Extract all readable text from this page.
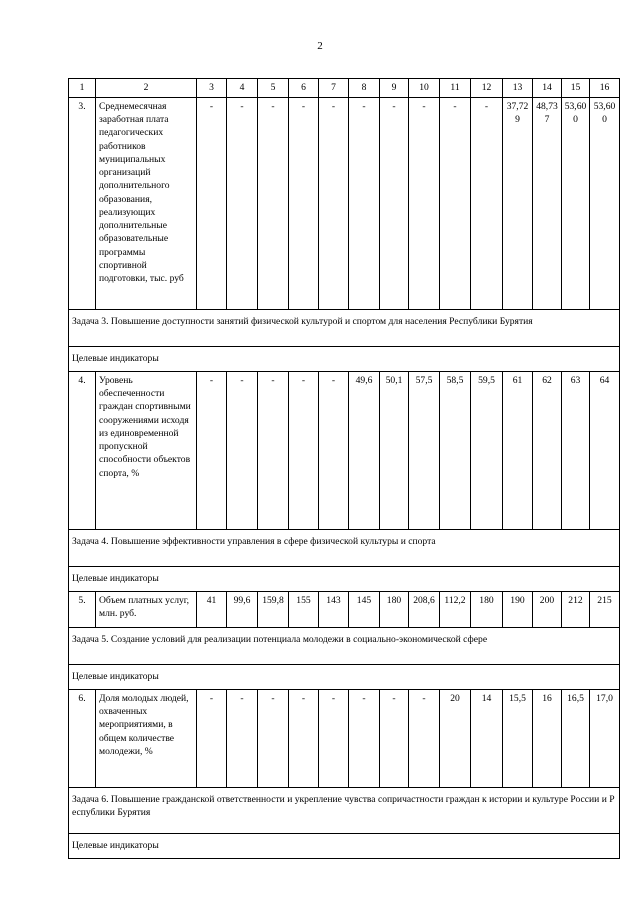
2
1	2	3	4	5	6	7	8	9	10	11	12	13	14	15	16
3.	Среднемесячная заработная плата педагогических работников муниципальных организаций дополнительного образования, реализующих дополнительные образовательные программы спортивной подготовки, тыс. руб	-	-	-	-	-	-	-	-	-	-	37,729	48,737	53,600	53,600
Задача 3. Повышение доступности занятий физической культурой и спортом для населения Республики Бурятия															
Целевые индикаторы															
4.	Уровень обеспеченности граждан спортивными сооружениями исходя из единовременной пропускной способности объектов спорта, %	-	-	-	-	-	49,6	50,1	57,5	58,5	59,5	61	62	63	64
Задача 4. Повышение эффективности управления в сфере физической культуры и спорта															
Целевые индикаторы															
5.	Объем платных услуг, млн. руб.	41	99,6	159,8	155	143	145	180	208,6	112,2	180	190	200	212	215
Задача 5. Создание условий для реализации потенциала молодежи в социально-экономической сфере															
Целевые индикаторы															
6.	Доля молодых людей, охваченных мероприятиями, в общем количестве молодежи, %	-	-	-	-	-	-	-	-	20	14	15,5	16	16,5	17,0
Задача 6. Повышение гражданской ответственности и укрепление чувства сопричастности граждан к истории и культуре России и Республики Бурятия															
Целевые индикаторы															
